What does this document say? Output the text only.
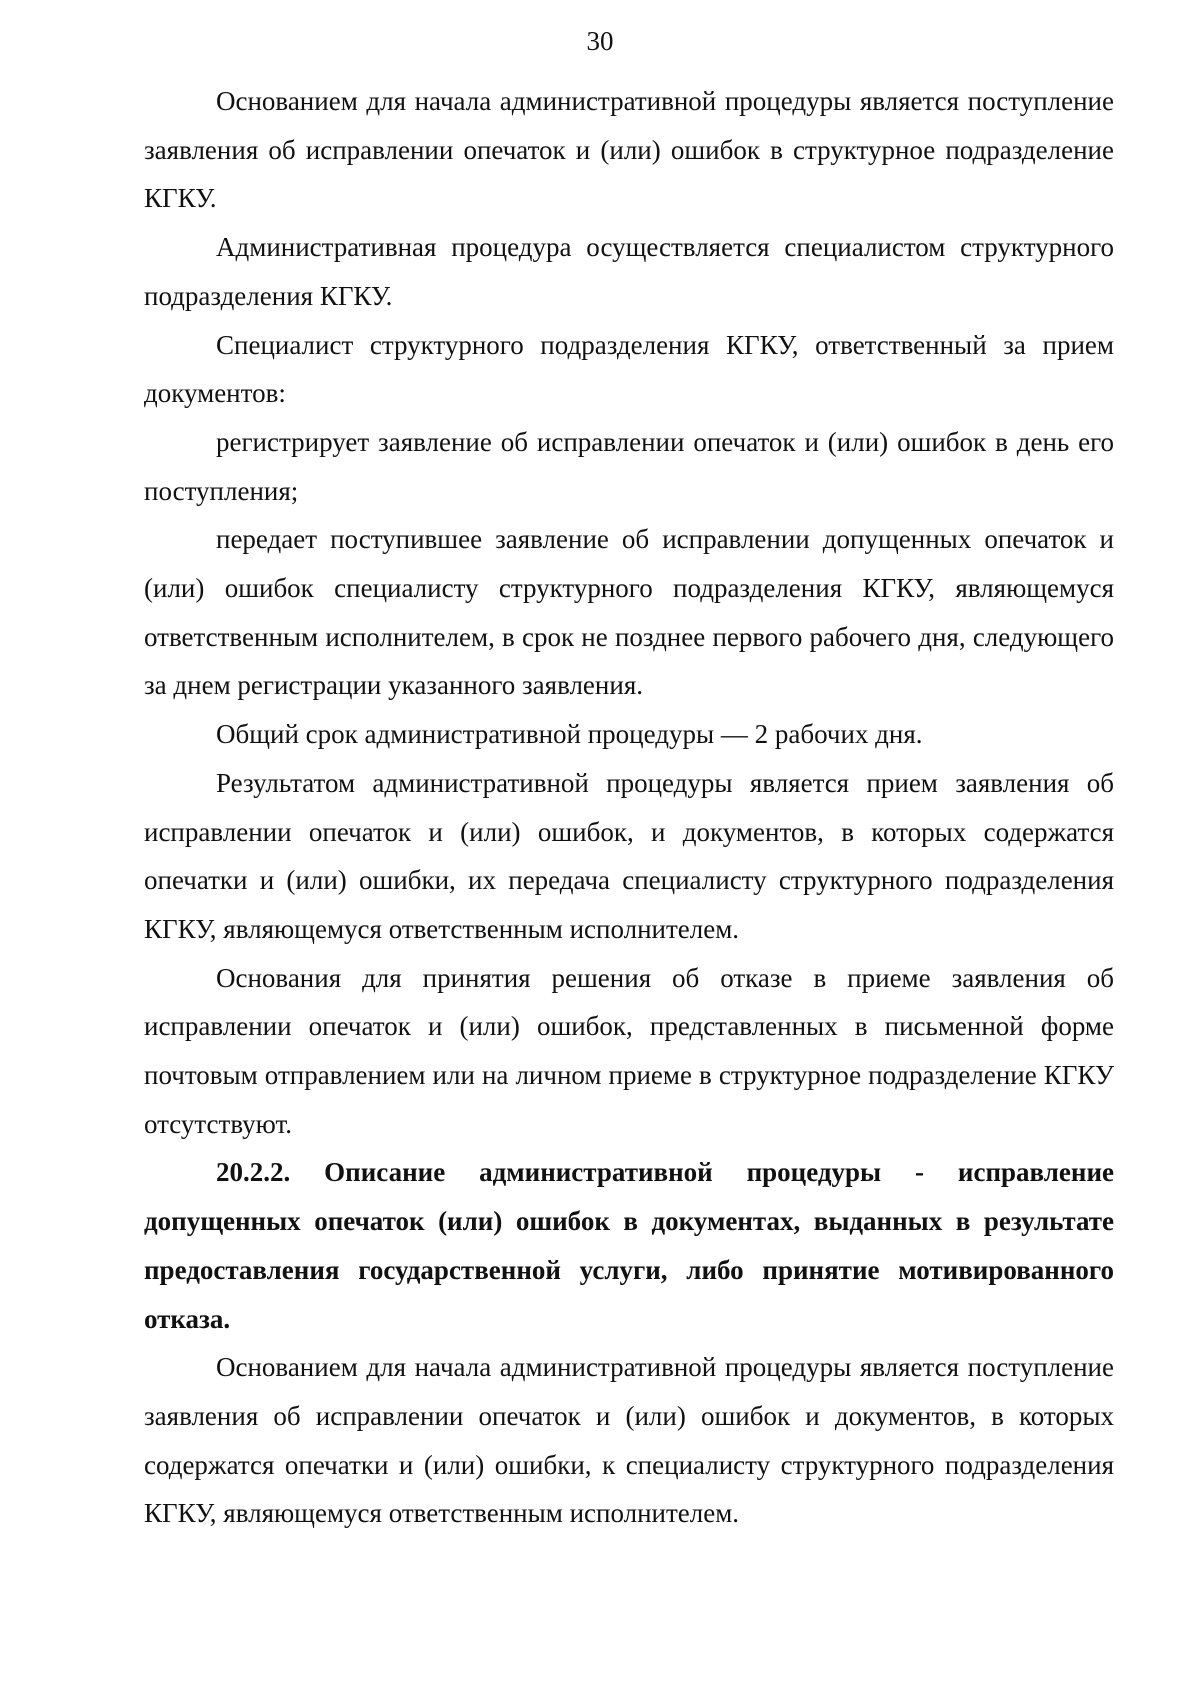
30

Основанием для начала административной процедуры является поступление заявления об исправлении опечаток и (или) ошибок в структурное подразделение КГКУ.

Административная процедура осуществляется специалистом структурного подразделения КГКУ.

Специалист структурного подразделения КГКУ, ответственный за прием документов:

регистрирует заявление об исправлении опечаток и (или) ошибок в день его поступления;

передает поступившее заявление об исправлении допущенных опечаток и (или) ошибок специалисту структурного подразделения КГКУ, являющемуся ответственным исполнителем, в срок не позднее первого рабочего дня, следующего за днем регистрации указанного заявления.

Общий срок административной процедуры — 2 рабочих дня.

Результатом административной процедуры является прием заявления об исправлении опечаток и (или) ошибок, и документов, в которых содержатся опечатки и (или) ошибки, их передача специалисту структурного подразделения КГКУ, являющемуся ответственным исполнителем.

Основания для принятия решения об отказе в приеме заявления об исправлении опечаток и (или) ошибок, представленных в письменной форме почтовым отправлением или на личном приеме в структурное подразделение КГКУ отсутствуют.

20.2.2. Описание административной процедуры - исправление допущенных опечаток (или) ошибок в документах, выданных в результате предоставления государственной услуги, либо принятие мотивированного отказа.

Основанием для начала административной процедуры является поступление заявления об исправлении опечаток и (или) ошибок и документов, в которых содержатся опечатки и (или) ошибки, к специалисту структурного подразделения КГКУ, являющемуся ответственным исполнителем.
